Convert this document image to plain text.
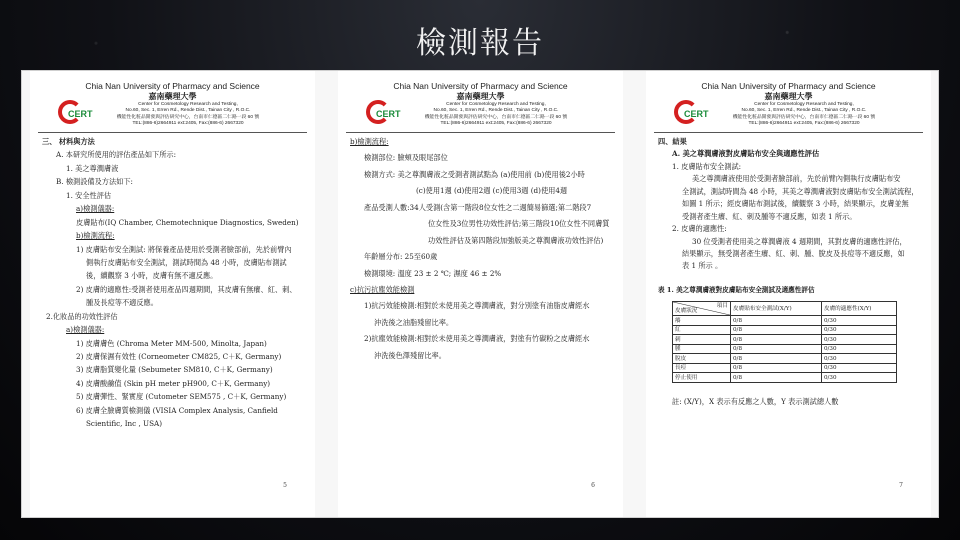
檢測報告
Chia Nan University of Pharmacy and Science
嘉南藥理大學
CERT
Center for Cosmetology Research and Testing,
No.60, Sec. 1, Erren Rd., Rende Dist., Tainan City , R.O.C.
機能性化粧品開發與評估研究中心，台南市仁德區二仁路一段 60 號
TEL:(886-6)2664911 ext:2405, Fax:(886-6) 2667320
三、 材料與方法
A. 本研究所使用的評估產品如下所示:
1. 美之尊潤膚液
B. 檢測設備及方法如下:
1. 安全性評估
a)檢測儀器:
皮膚貼布(IQ Chamber, Chemotechnique Diagnostics, Sweden)
b)檢測流程:
1) 皮膚貼布安全測試: 將保養產品使用於受測者臉部前，先於前臂內
側執行皮膚貼布安全測試，測試時間為 48 小時，皮膚貼布測試
後，續觀察 3 小時，皮膚有無不適反應。
2) 皮膚的適應性:受測者使用產品四週期間，其皮膚有無癢、紅、刺、
腫及長痘等不適反應。
2.化妝品的功效性評估
a)檢測儀器:
1) 皮膚膚色 (Chroma Meter MM-500, Minolta, Japan)
2) 皮膚保濕有效性 (Corneometer CM825, C＋K, Germany)
3) 皮膚脂質變化量 (Sebumeter SM810, C＋K, Germany)
4) 皮膚酸鹼值 (Skin pH meter pH900, C＋K, Germany)
5) 皮膚彈性、緊實度 (Cutometer SEM575 , C＋K, Germany)
6) 皮膚全臉膚質檢測儀 (VISIA Complex Analysis, Canfield
Scientific, Inc , USA)
5
Chia Nan University of Pharmacy and Science
嘉南藥理大學
CERT
Center for Cosmetology Research and Testing,
No.60, Sec. 1, Erren Rd., Rende Dist., Tainan City , R.O.C.
機能性化粧品開發與評估研究中心，台南市仁德區二仁路一段 60 號
TEL:(886-6)2664911 ext:2405, Fax:(886-6) 2667320
b)檢測流程:
檢測部位: 臉頰及眼尾部位
檢測方式: 美之尊潤膚液之受測者測試點為 (a)使用前 (b)使用後2小時
(c)使用1週 (d)使用2週 (c)使用3週 (d)使用4週
產品受測人數:34人受測(含第一階段8位女性之二週簡易篩選;第二階段7
位女性及3位男性功效性評估;第三階段10位女性不同膚質
功效性評估及第四階段加強版美之尊潤膚液功效性評估)
年齡層分布: 25至60歲
檢測環境: 溫度 23 ± 2 ℃; 濕度 46 ± 2%
c)抗污抗塵效能檢測
1)抗污效能檢測:相對於未使用美之尊潤膚液，對分別塗有油脂皮膚經水
沖洗後之油脂殘留比率。
2)抗塵效能檢測:相對於未使用美之尊潤膚液，對塗有竹碳粉之皮膚經水
沖洗後色澤殘留比率。
6
Chia Nan University of Pharmacy and Science
嘉南藥理大學
CERT
Center for Cosmetology Research and Testing,
No.60, Sec. 1, Erren Rd., Rende Dist., Tainan City , R.O.C.
機能性化粧品開發與評估研究中心，台南市仁德區二仁路一段 60 號
TEL:(886-6)2664911 ext:2405, Fax:(886-6) 2667320
四、結果
A. 美之尊潤膚液對皮膚貼布安全與適應性評估
1. 皮膚貼布安全測試:
美之尊潤膚液使用於受測者臉部前，先於前臂內側執行皮膚貼布安
全測試，測試時間為 48 小時，其美之尊潤膚液對皮膚貼布安全測試流程，
如圖 1 所示；經皮膚貼布測試後，續觀察 3 小時，結果顯示，皮膚並無
受測者產生癢、紅、刺及腫等不適反應，如表 1 所示。
2. 皮膚的適應性:
30 位受測者使用美之尊潤膚液 4 週期間，其對皮膚的適應性評估，
結果顯示，無受測者產生癢、紅、刺、腫、脫皮及長痘等不適反應，如
表 1 所示 。
表 1. 美之尊潤膚液對皮膚貼布安全測試及適應性評估
項目
皮膚狀況	皮膚貼布安全測試(X/Y)	皮膚的適應性(X/Y)
癢	0/8	0/30
紅	0/8	0/30
刺	0/8	0/30
腫	0/8	0/30
脫皮	0/8	0/30
長痘	0/8	0/30
停止使用	0/8	0/30
註: (X/Y)，X 表示有反應之人數，Y 表示測試總人數
7
